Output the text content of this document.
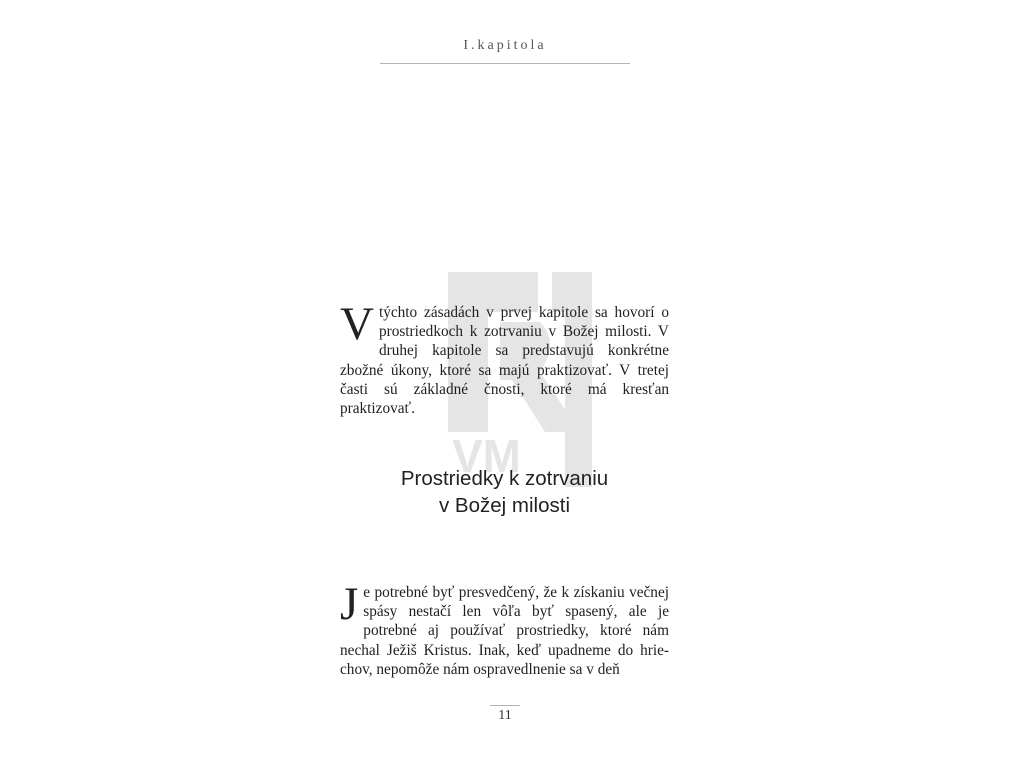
I.kapitola
VM
V týchto zásadách v prvej kapitole sa hovorí o prostriedkoch k zotrvaniu v Božej milosti. V druhej kapitole sa predstavujú konkrétne zbožné úkony, ktoré sa majú praktizovať. V tretej časti sú základné čnosti, ktoré má kresťan praktizovať.
Prostriedky k zotrvaniu
v Božej milosti
Je potrebné byť presvedčený, že k získaniu večnej spásy nestačí len vôľa byť spasený, ale je potrebné aj používať prostriedky, ktoré nám nechal Ježiš Kristus. Inak, keď upadneme do hrie- chov, nepomôže nám ospravedlnenie sa v deň
11
